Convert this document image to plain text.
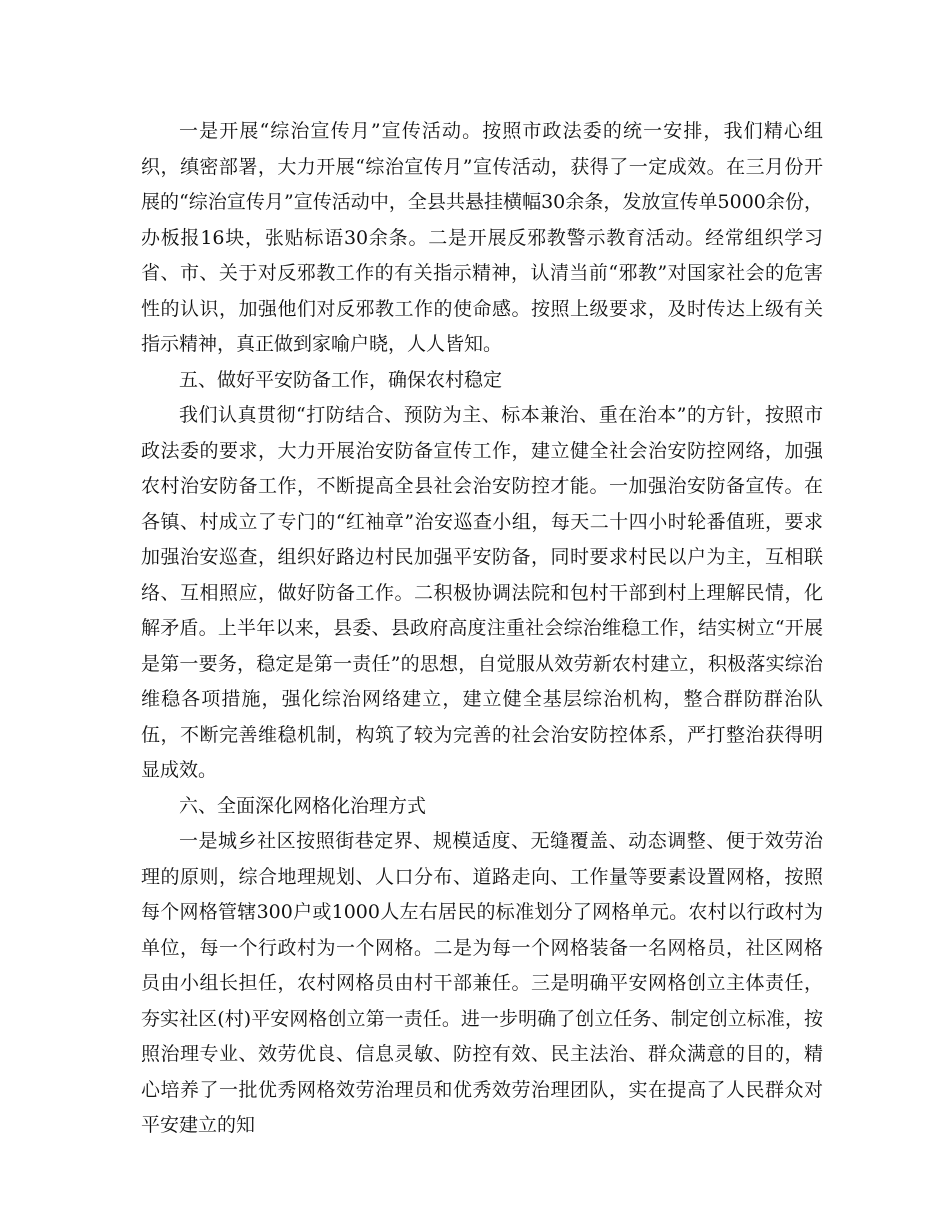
一是开展“综治宣传月”宣传活动。按照市政法委的统一安排，我们精心组织，缜密部署，大力开展“综治宣传月”宣传活动，获得了一定成效。在三月份开展的“综治宣传月”宣传活动中，全县共悬挂横幅30余条，发放宣传单5000余份，办板报16块，张贴标语30余条。二是开展反邪教警示教育活动。经常组织学习省、市、关于对反邪教工作的有关指示精神，认清当前“邪教”对国家社会的危害性的认识，加强他们对反邪教工作的使命感。按照上级要求，及时传达上级有关指示精神，真正做到家喻户晓，人人皆知。

五、做好平安防备工作，确保农村稳定

我们认真贯彻“打防结合、预防为主、标本兼治、重在治本”的方针，按照市政法委的要求，大力开展治安防备宣传工作，建立健全社会治安防控网络，加强农村治安防备工作，不断提高全县社会治安防控才能。一加强治安防备宣传。在各镇、村成立了专门的“红袖章”治安巡查小组，每天二十四小时轮番值班，要求加强治安巡查，组织好路边村民加强平安防备，同时要求村民以户为主，互相联络、互相照应，做好防备工作。二积极协调法院和包村干部到村上理解民情，化解矛盾。上半年以来，县委、县政府高度注重社会综治维稳工作，结实树立“开展是第一要务，稳定是第一责任”的思想，自觉服从效劳新农村建立，积极落实综治维稳各项措施，强化综治网络建立，建立健全基层综治机构，整合群防群治队伍，不断完善维稳机制，构筑了较为完善的社会治安防控体系，严打整治获得明显成效。

六、全面深化网格化治理方式

一是城乡社区按照街巷定界、规模适度、无缝覆盖、动态调整、便于效劳治理的原则，综合地理规划、人口分布、道路走向、工作量等要素设置网格，按照每个网格管辖300户或1000人左右居民的标准划分了网格单元。农村以行政村为单位，每一个行政村为一个网格。二是为每一个网格装备一名网格员，社区网格员由小组长担任，农村网格员由村干部兼任。三是明确平安网格创立主体责任，夯实社区(村)平安网格创立第一责任。进一步明确了创立任务、制定创立标准，按照治理专业、效劳优良、信息灵敏、防控有效、民主法治、群众满意的目的，精心培养了一批优秀网格效劳治理员和优秀效劳治理团队，实在提高了人民群众对平安建立的知
